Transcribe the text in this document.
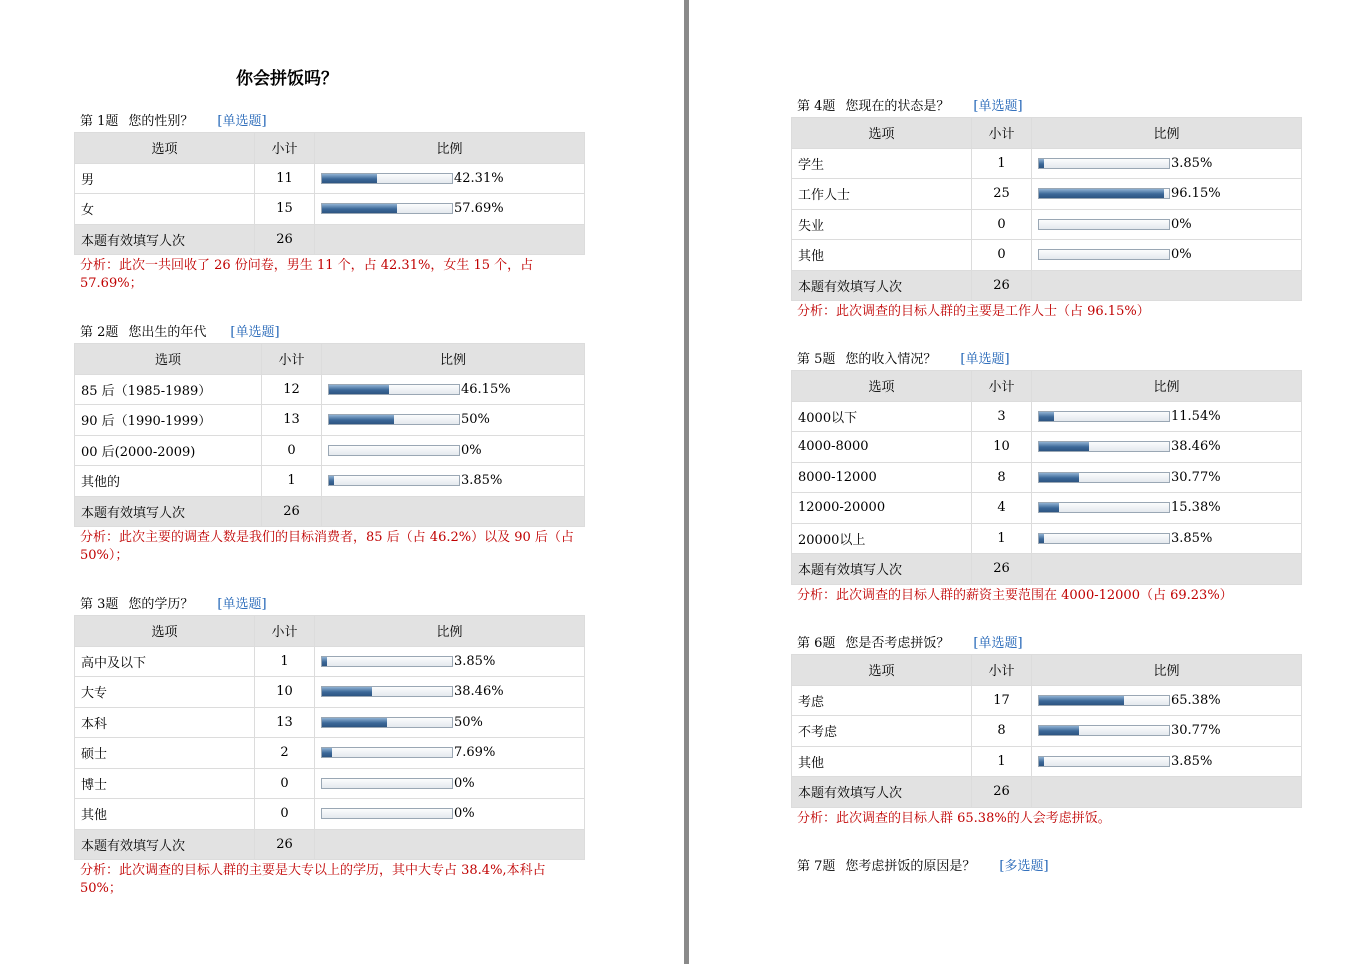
你会拼饭吗？
第 1题 您的性别？ [单选题]
选项	小计	比例
男	11	42.31%
女	15	57.69%
本题有效填写人次	26	
分析：此次一共回收了 26 份问卷，男生 11 个，占 42.31%，女生 15 个，占 57.69%；
第 2题 您出生的年代 [单选题]
选项	小计	比例
85 后（1985-1989）	12	46.15%
90 后（1990-1999）	13	50%
00 后(2000-2009)	0	0%
其他的	1	3.85%
本题有效填写人次	26	
分析：此次主要的调查人数是我们的目标消费者，85 后（占 46.2%）以及 90 后（占 50%）；
第 3题 您的学历？ [单选题]
选项	小计	比例
高中及以下	1	3.85%
大专	10	38.46%
本科	13	50%
硕士	2	7.69%
博士	0	0%
其他	0	0%
本题有效填写人次	26	
分析：此次调查的目标人群的主要是大专以上的学历，其中大专占 38.4%,本科占 50%；
第 4题 您现在的状态是？ [单选题]
选项	小计	比例
学生	1	3.85%
工作人士	25	96.15%
失业	0	0%
其他	0	0%
本题有效填写人次	26	
分析：此次调查的目标人群的主要是工作人士（占 96.15%）
第 5题 您的收入情况？ [单选题]
选项	小计	比例
4000以下	3	11.54%
4000-8000	10	38.46%
8000-12000	8	30.77%
12000-20000	4	15.38%
20000以上	1	3.85%
本题有效填写人次	26	
分析：此次调查的目标人群的薪资主要范围在 4000-12000（占 69.23%）
第 6题 您是否考虑拼饭？ [单选题]
选项	小计	比例
考虑	17	65.38%
不考虑	8	30.77%
其他	1	3.85%
本题有效填写人次	26	
分析：此次调查的目标人群 65.38%的人会考虑拼饭。
第 7题 您考虑拼饭的原因是？ [多选题]
